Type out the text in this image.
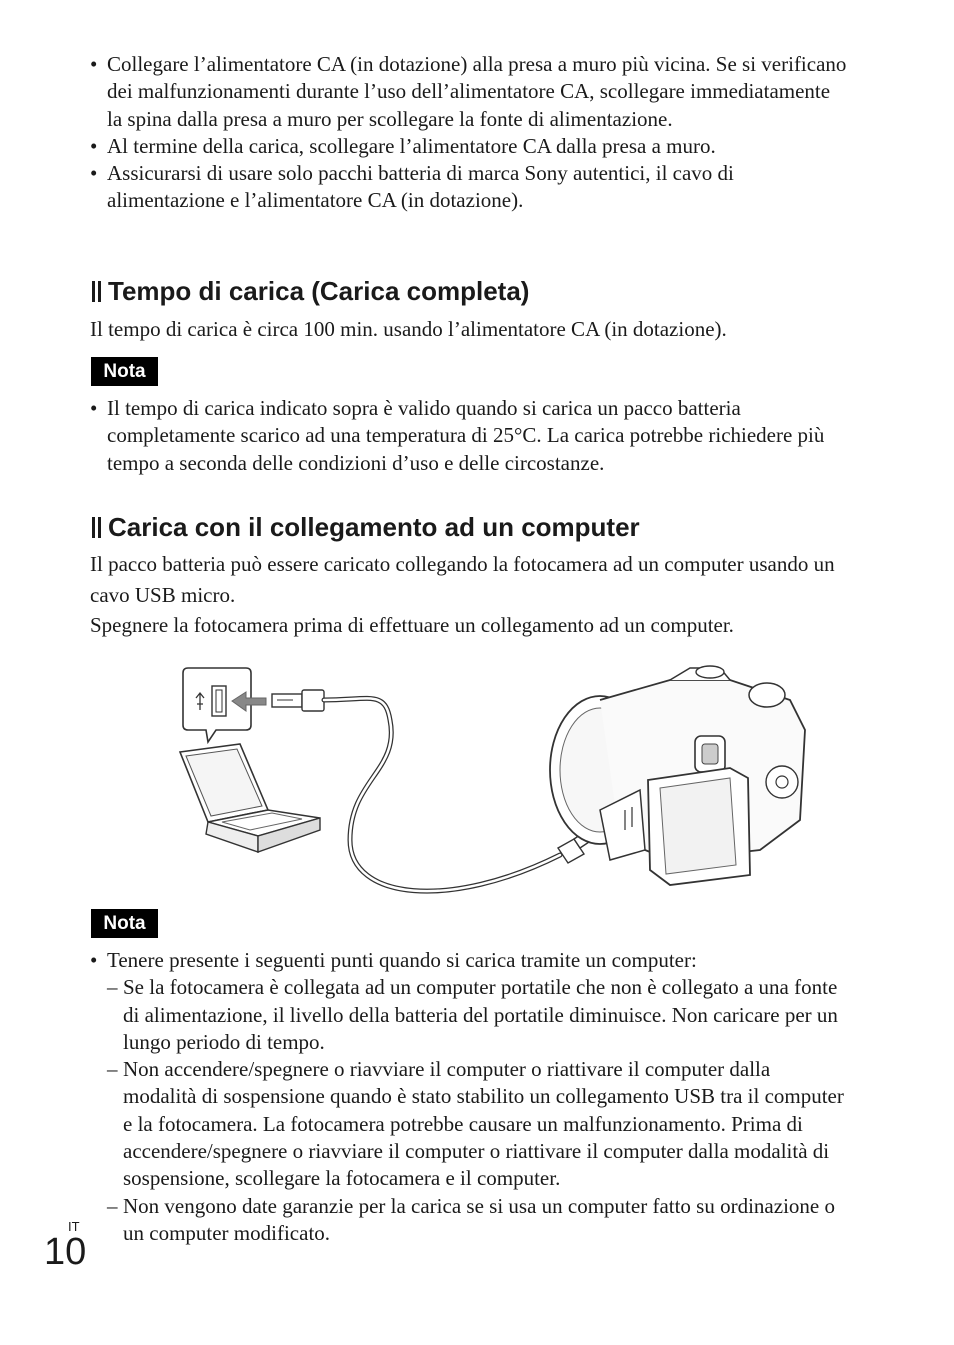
• Collegare l’alimentatore CA (in dotazione) alla presa a muro più vicina. Se si verificano dei malfunzionamenti durante l’uso dell’alimentatore CA, scollegare immediatamente la spina dalla presa a muro per scollegare la fonte di alimentazione.
• Al termine della carica, scollegare l’alimentatore CA dalla presa a muro.
• Assicurarsi di usare solo pacchi batteria di marca Sony autentici, il cavo di alimentazione e l’alimentatore CA (in dotazione).
Tempo di carica (Carica completa)

Il tempo di carica è circa 100 min. usando l’alimentatore CA (in dotazione).

Nota
• Il tempo di carica indicato sopra è valido quando si carica un pacco batteria completamente scarico ad una temperatura di 25°C. La carica potrebbe richiedere più tempo a seconda delle condizioni d’uso e delle circostanze.
Carica con il collegamento ad un computer

Il pacco batteria può essere caricato collegando la fotocamera ad un computer usando un cavo USB micro.

Spegnere la fotocamera prima di effettuare un collegamento ad un computer.

Nota
• Tenere presente i seguenti punti quando si carica tramite un computer:
– Se la fotocamera è collegata ad un computer portatile che non è collegato a una fonte di alimentazione, il livello della batteria del portatile diminuisce. Non caricare per un lungo periodo di tempo.
– Non accendere/spegnere o riavviare il computer o riattivare il computer dalla modalità di sospensione quando è stato stabilito un collegamento USB tra il computer e la fotocamera. La fotocamera potrebbe causare un malfunzionamento. Prima di accendere/spegnere o riavviare il computer o riattivare il computer dalla modalità di sospensione, scollegare la fotocamera e il computer.
– Non vengono date garanzie per la carica se si usa un computer fatto su ordinazione o un computer modificato.
IT
10
